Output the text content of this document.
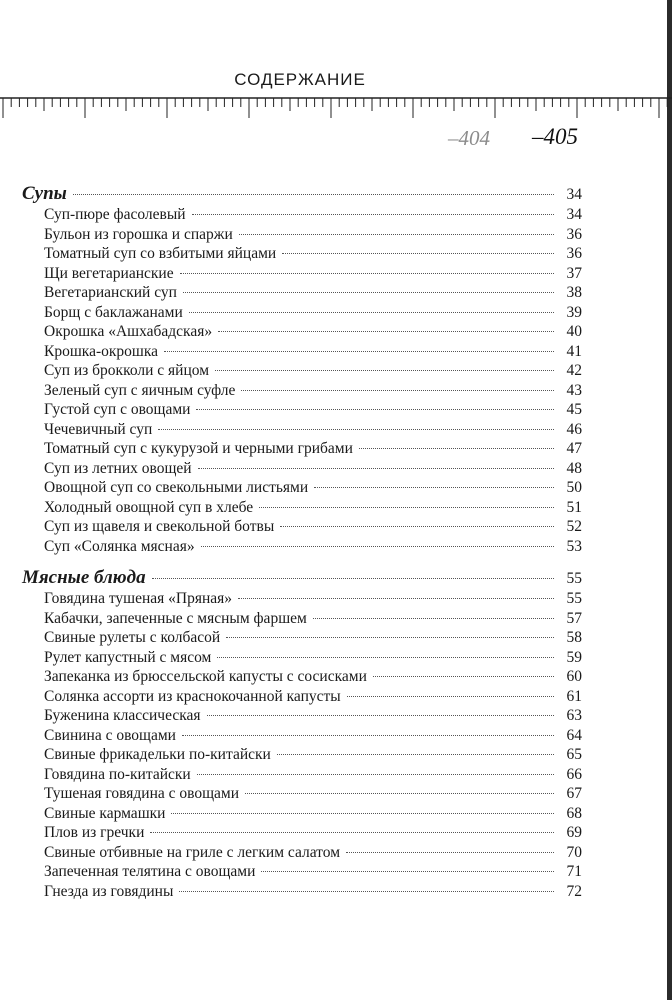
СОДЕРЖАНИЕ
–404 –405
Супы	34
Суп-пюре фасолевый	34
Бульон из горошка и спаржи	36
Томатный суп со взбитыми яйцами	36
Щи вегетарианские	37
Вегетарианский суп	38
Борщ с баклажанами	39
Окрошка «Ашхабадская»	40
Крошка-окрошка	41
Суп из брокколи с яйцом	42
Зеленый суп с яичным суфле	43
Густой суп с овощами	45
Чечевичный суп	46
Томатный суп с кукурузой и черными грибами	47
Суп из летних овощей	48
Овощной суп со свекольными листьями	50
Холодный овощной суп в хлебе	51
Суп из щавеля и свекольной ботвы	52
Суп «Солянка мясная»	53
Мясные блюда	55
Говядина тушеная «Пряная»	55
Кабачки, запеченные с мясным фаршем	57
Свиные рулеты с колбасой	58
Рулет капустный с мясом	59
Запеканка из брюссельской капусты с сосисками	60
Солянка ассорти из краснокочанной капусты	61
Буженина классическая	63
Свинина с овощами	64
Свиные фрикадельки по-китайски	65
Говядина по-китайски	66
Тушеная говядина с овощами	67
Свиные кармашки	68
Плов из гречки	69
Свиные отбивные на гриле с легким салатом	70
Запеченная телятина с овощами	71
Гнезда из говядины	72
